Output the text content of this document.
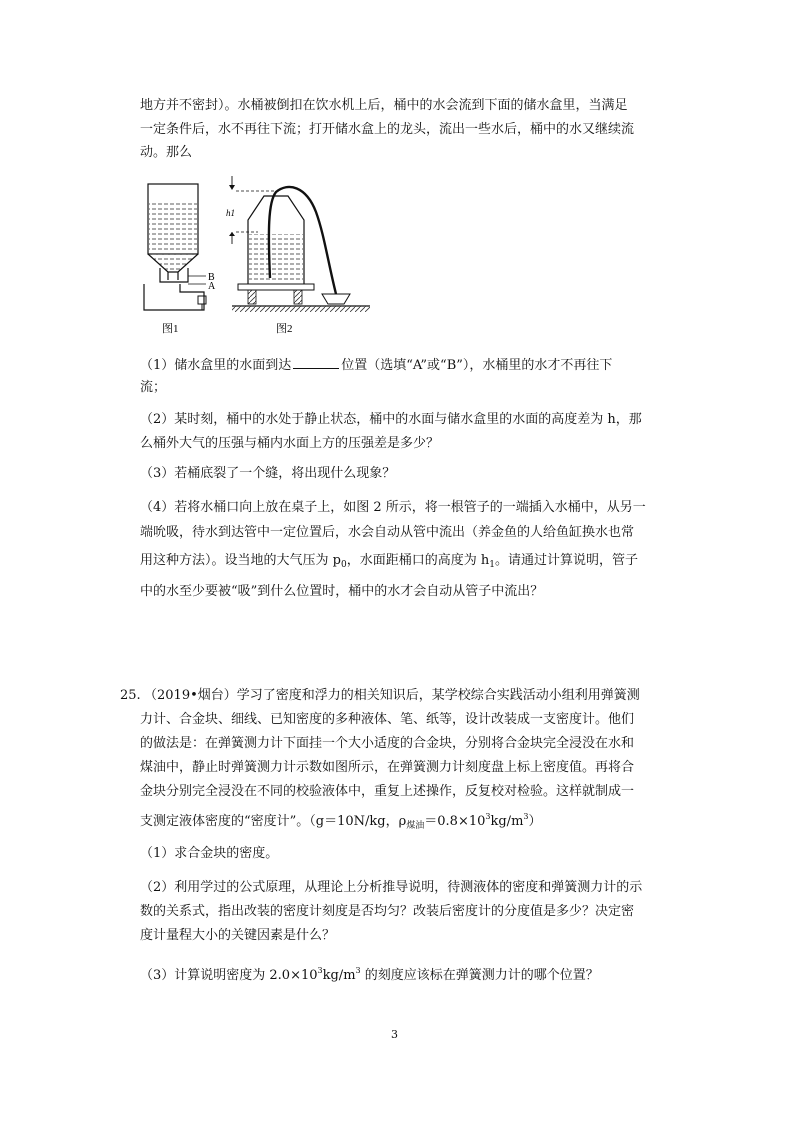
地方并不密封）。水桶被倒扣在饮水机上后，桶中的水会流到下面的储水盒里，当满足
一定条件后，水不再往下流；打开储水盒上的龙头，流出一些水后，桶中的水又继续流
动。那么
B
A
图1
h1
图2
（1）储水盒里的水面到达	位置（选填“A”或“B”），水桶里的水才不再往下
流；
（2）某时刻，桶中的水处于静止状态，桶中的水面与储水盒里的水面的高度差为 h，那
么桶外大气的压强与桶内水面上方的压强差是多少？
（3）若桶底裂了一个缝，将出现什么现象？
（4）若将水桶口向上放在桌子上，如图 2 所示，将一根管子的一端插入水桶中，从另一
端吮吸，待水到达管中一定位置后，水会自动从管中流出（养金鱼的人给鱼缸换水也常
用这种方法）。设当地的大气压为 $p_0$，水面距桶口的高度为 $h_1$。请通过计算说明，管子
中的水至少要被“吸”到什么位置时，桶中的水才会自动从管子中流出？
25. （2019•烟台）学习了密度和浮力的相关知识后，某学校综合实践活动小组利用弹簧测
力计、合金块、细线、已知密度的多种液体、笔、纸等，设计改装成一支密度计。他们
的做法是：在弹簧测力计下面挂一个大小适度的合金块，分别将合金块完全浸没在水和
煤油中，静止时弹簧测力计示数如图所示，在弹簧测力计刻度盘上标上密度值。再将合
金块分别完全浸没在不同的校验液体中，重复上述操作，反复校对检验。这样就制成一
支测定液体密度的“密度计”。（g＝10N/kg，$\rho_{煤油}=0.8\times 10^3kg/m^3$）
（1）求合金块的密度。
（2）利用学过的公式原理，从理论上分析推导说明，待测液体的密度和弹簧测力计的示
数的关系式，指出改装的密度计刻度是否均匀？改装后密度计的分度值是多少？决定密
度计量程大小的关键因素是什么？
（3）计算说明密度为 $2.0\times 10^3kg/m^3$ 的刻度应该标在弹簧测力计的哪个位置？
3
